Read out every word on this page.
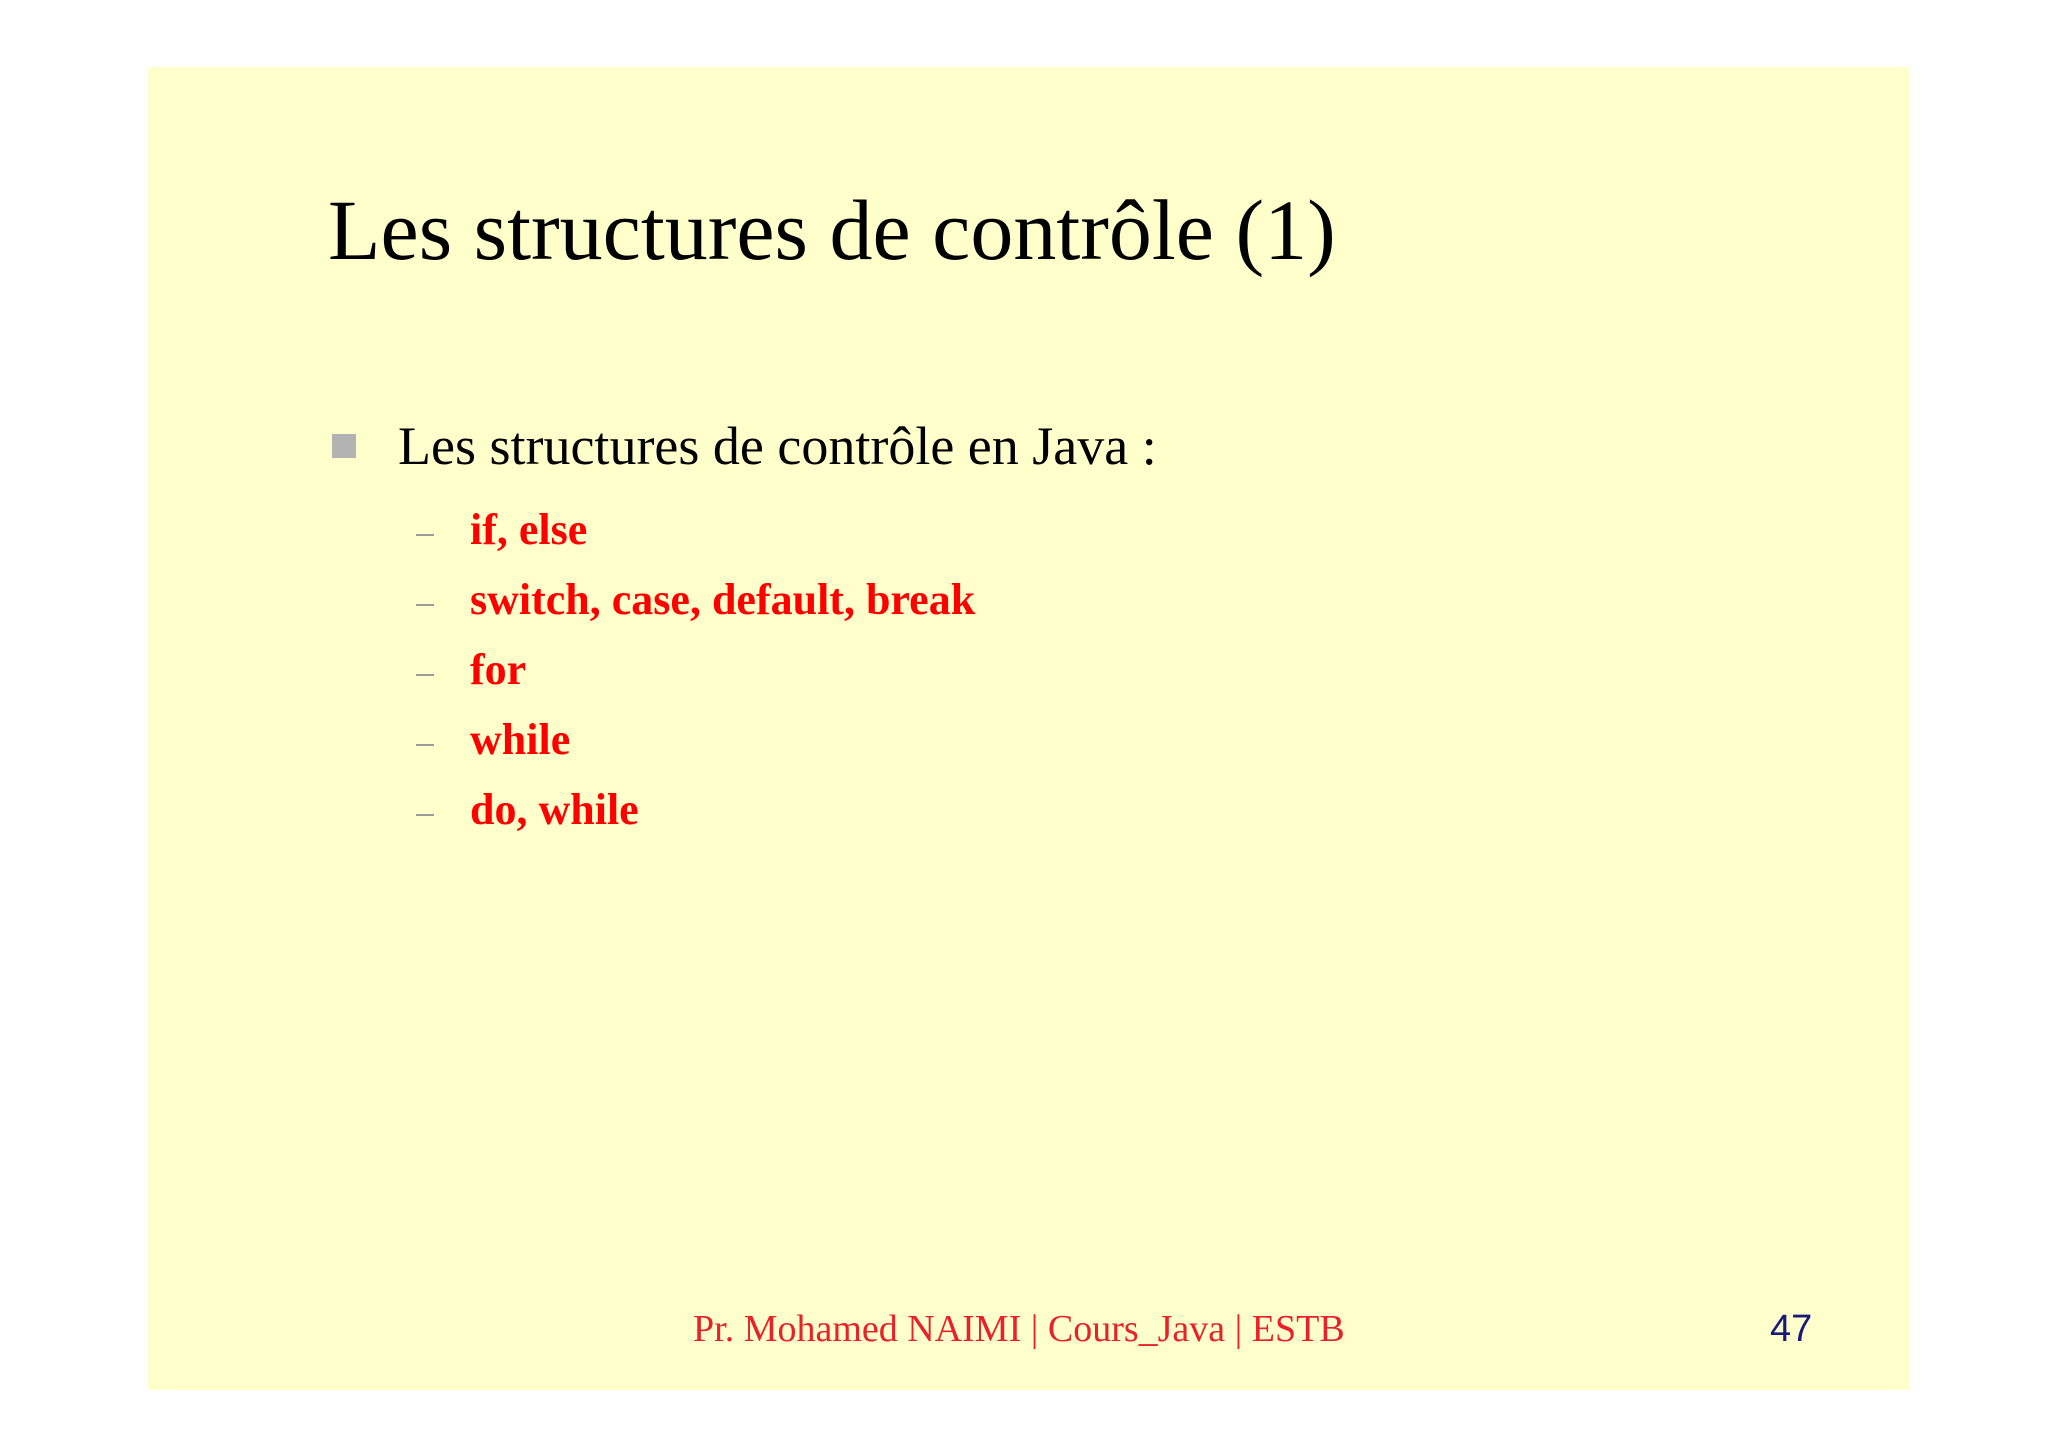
Les structures de contrôle (1)
Les structures de contrôle en Java :
if, else
switch, case, default, break
for
while
do, while
Pr. Mohamed NAIMI | Cours_Java | ESTB	47
